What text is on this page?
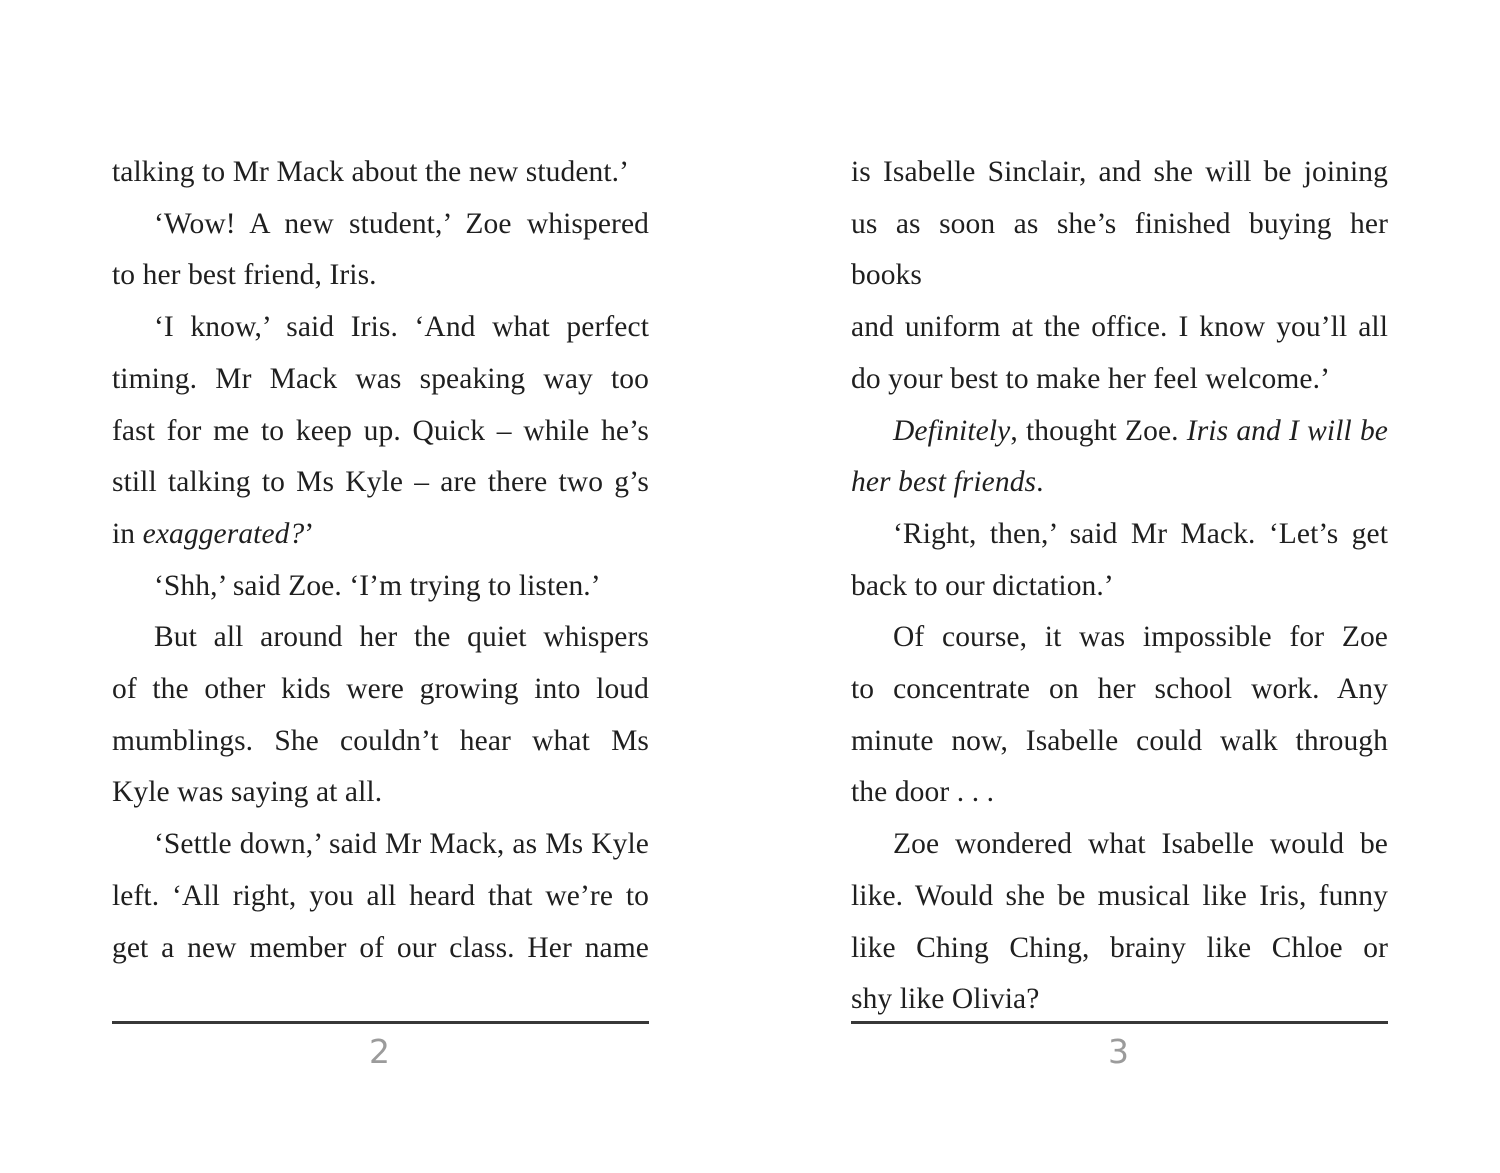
talking to Mr Mack about the new student.’
‘Wow! A new student,’ Zoe whispered
to her best friend, Iris.
‘I know,’ said Iris. ‘And what perfect
timing. Mr Mack was speaking way too
fast for me to keep up. Quick – while he’s
still talking to Ms Kyle – are there two g’s
in exaggerated?’
‘Shh,’ said Zoe. ‘I’m trying to listen.’
But all around her the quiet whispers
of the other kids were growing into loud
mumblings. She couldn’t hear what Ms
Kyle was saying at all.
‘Settle down,’ said Mr Mack, as Ms Kyle
left. ‘All right, you all heard that we’re to
get a new member of our class. Her name
is Isabelle Sinclair, and she will be joining
us as soon as she’s finished buying her books
and uniform at the office. I know you’ll all
do your best to make her feel welcome.’
Definitely, thought Zoe. Iris and I will be
her best friends.
‘Right, then,’ said Mr Mack. ‘Let’s get
back to our dictation.’
Of course, it was impossible for Zoe
to concentrate on her school work. Any
minute now, Isabelle could walk through
the door . . .
Zoe wondered what Isabelle would be
like. Would she be musical like Iris, funny
like Ching Ching, brainy like Chloe or
shy like Olivia?
2	3
